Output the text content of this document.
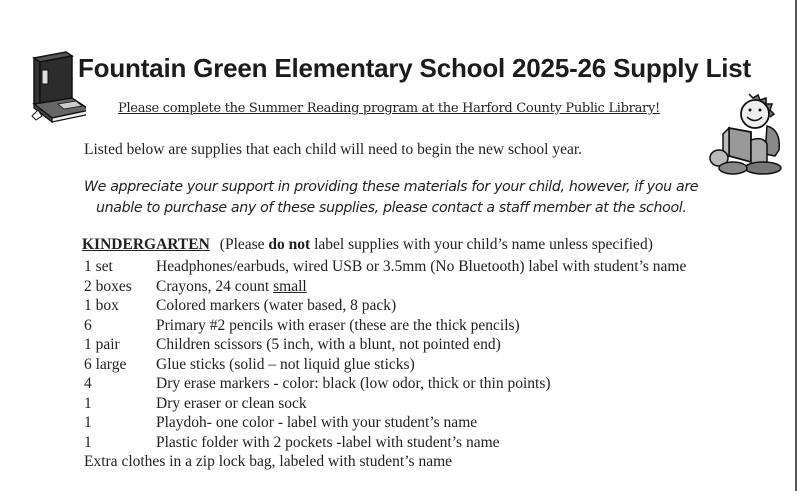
Fountain Green Elementary School 2025-26 Supply List
Please complete the Summer Reading program at the Harford County Public Library!
Listed below are supplies that each child will need to begin the new school year.
We appreciate your support in providing these materials for your child, however, if you are
unable to purchase any of these supplies, please contact a staff member at the school.
KINDERGARTEN (Please do not label supplies with your child’s name unless specified)
1 set	Headphones/earbuds, wired USB or 3.5mm (No Bluetooth) label with student’s name
2 boxes	Crayons, 24 count small
1 box	Colored markers (water based, 8 pack)
6	Primary #2 pencils with eraser (these are the thick pencils)
1 pair	Children scissors (5 inch, with a blunt, not pointed end)
6 large	Glue sticks (solid – not liquid glue sticks)
4	Dry erase markers - color: black (low odor, thick or thin points)
1	Dry eraser or clean sock
1	Playdoh- one color - label with your student’s name
1	Plastic folder with 2 pockets -label with student’s name
Extra clothes in a zip lock bag, labeled with student’s name
